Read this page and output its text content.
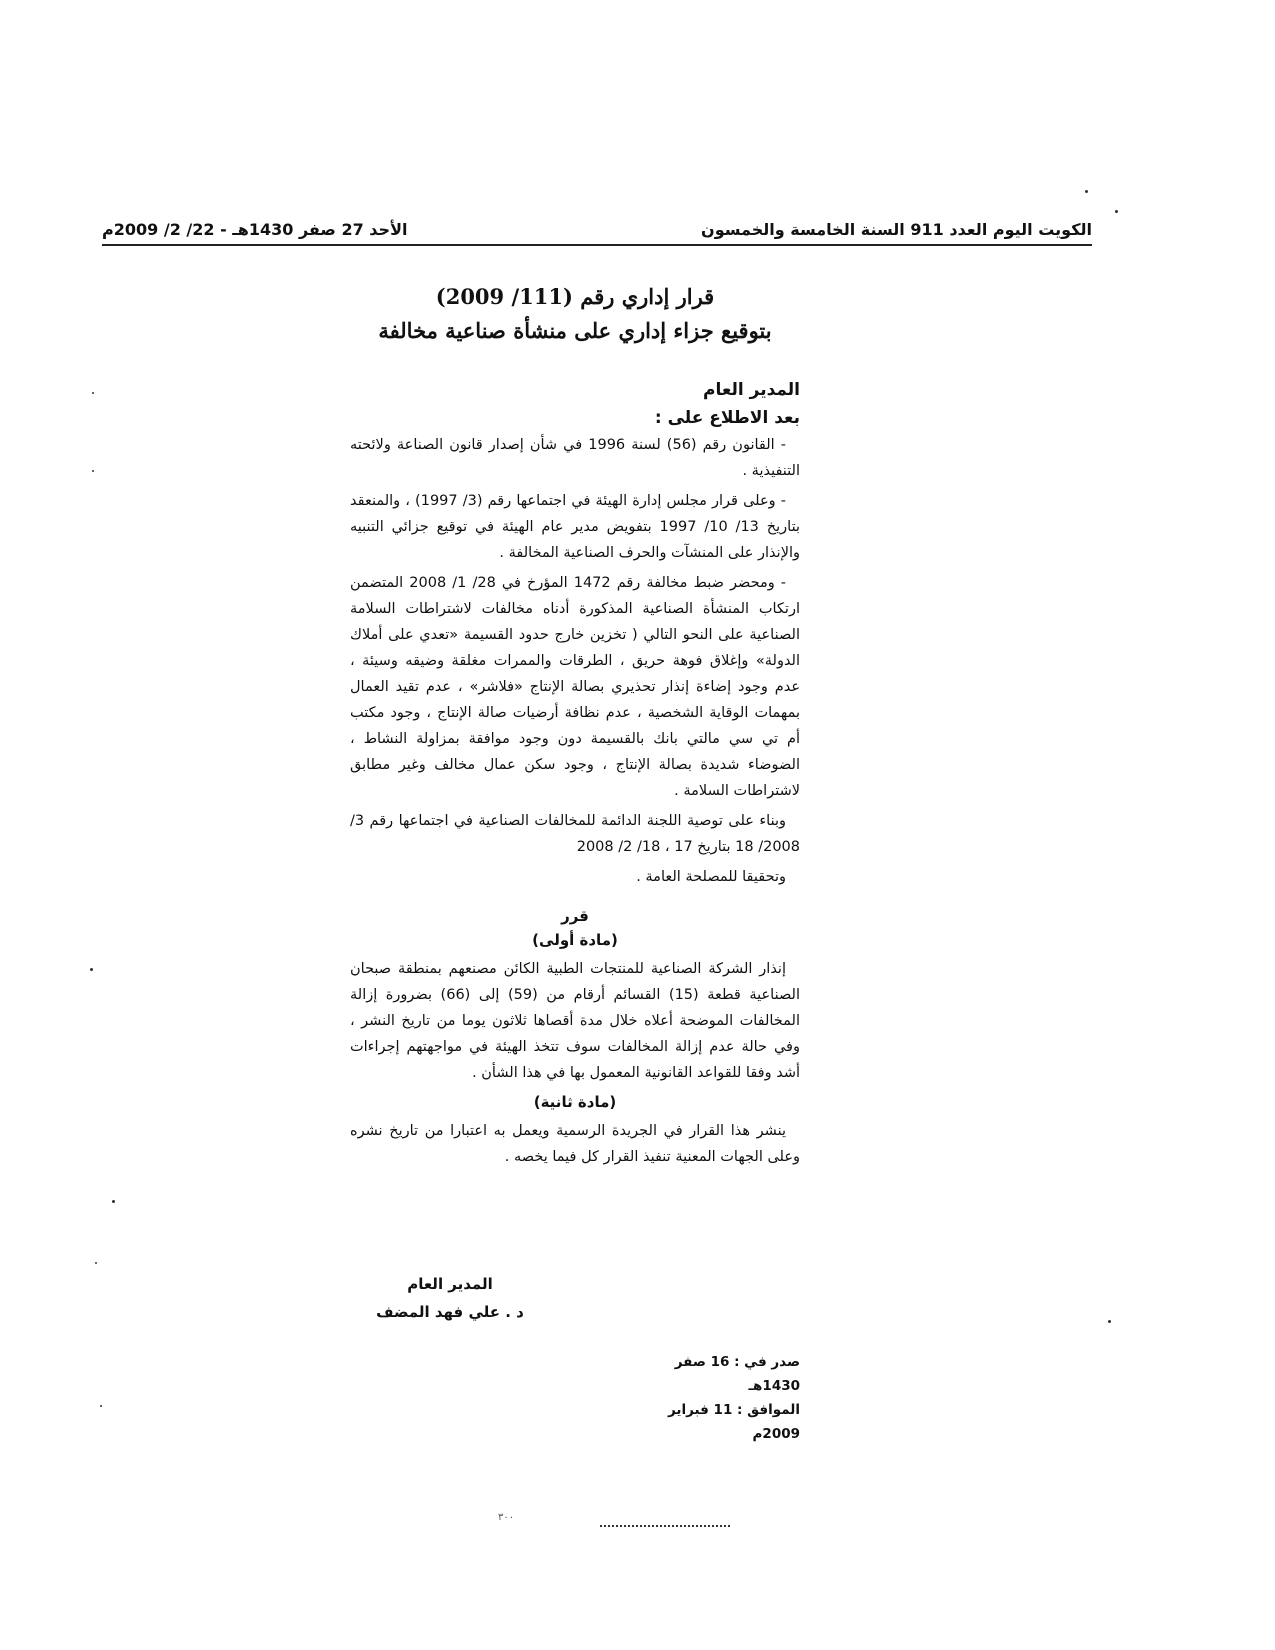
الكويت اليوم العدد 911 السنة الخامسة والخمسون
الأحد 27 صفر 1430هـ - 22/ 2/ 2009م

قرار إداري رقم (111/ 2009)

بتوقيع جزاء إداري على منشأة صناعية مخالفة

المدير العام

بعد الاطلاع على :

- القانون رقم (56) لسنة 1996 في شأن إصدار قانون الصناعة ولائحته التنفيذية .

- وعلى قرار مجلس إدارة الهيئة في اجتماعها رقم (3/ 1997) ، والمنعقد بتاريخ 13/ 10/ 1997 بتفويض مدير عام الهيئة في توقيع جزائي التنبيه والإنذار على المنشآت والحرف الصناعية المخالفة .

- ومحضر ضبط مخالفة رقم 1472 المؤرخ في 28/ 1/ 2008 المتضمن ارتكاب المنشأة الصناعية المذكورة أدناه مخالفات لاشتراطات السلامة الصناعية على النحو التالي ( تخزين خارج حدود القسيمة «تعدي على أملاك الدولة» وإغلاق فوهة حريق ، الطرقات والممرات مغلقة وضيقه وسيئة ، عدم وجود إضاءة إنذار تحذيري بصالة الإنتاج «فلاشر» ، عدم تقيد العمال بمهمات الوقاية الشخصية ، عدم نظافة أرضيات صالة الإنتاج ، وجود مكتب أم تي سي مالتي بانك بالقسيمة دون وجود موافقة بمزاولة النشاط ، الضوضاء شديدة بصالة الإنتاج ، وجود سكن عمال مخالف وغير مطابق لاشتراطات السلامة .

وبناء على توصية اللجنة الدائمة للمخالفات الصناعية في اجتماعها رقم 3/ 2008/ 18 بتاريخ 17 ، 18/ 2/ 2008

وتحقيقا للمصلحة العامة .

قرر

(مادة أولى)

إنذار الشركة الصناعية للمنتجات الطبية الكائن مصنعهم بمنطقة صبحان الصناعية قطعة (15) القسائم أرقام من (59) إلى (66) بضرورة إزالة المخالفات الموضحة أعلاه خلال مدة أقصاها ثلاثون يوما من تاريخ النشر ، وفي حالة عدم إزالة المخالفات سوف تتخذ الهيئة في مواجهتهم إجراءات أشد وفقا للقواعد القانونية المعمول بها في هذا الشأن .

(مادة ثانية)

ينشر هذا القرار في الجريدة الرسمية ويعمل به اعتبارا من تاريخ نشره وعلى الجهات المعنية تنفيذ القرار كل فيما يخصه .

المدير العام
د . علي فهد المضف
صدر في : 16 صفر 1430هـ
الموافق : 11 فبراير 2009م
٣٠٠
